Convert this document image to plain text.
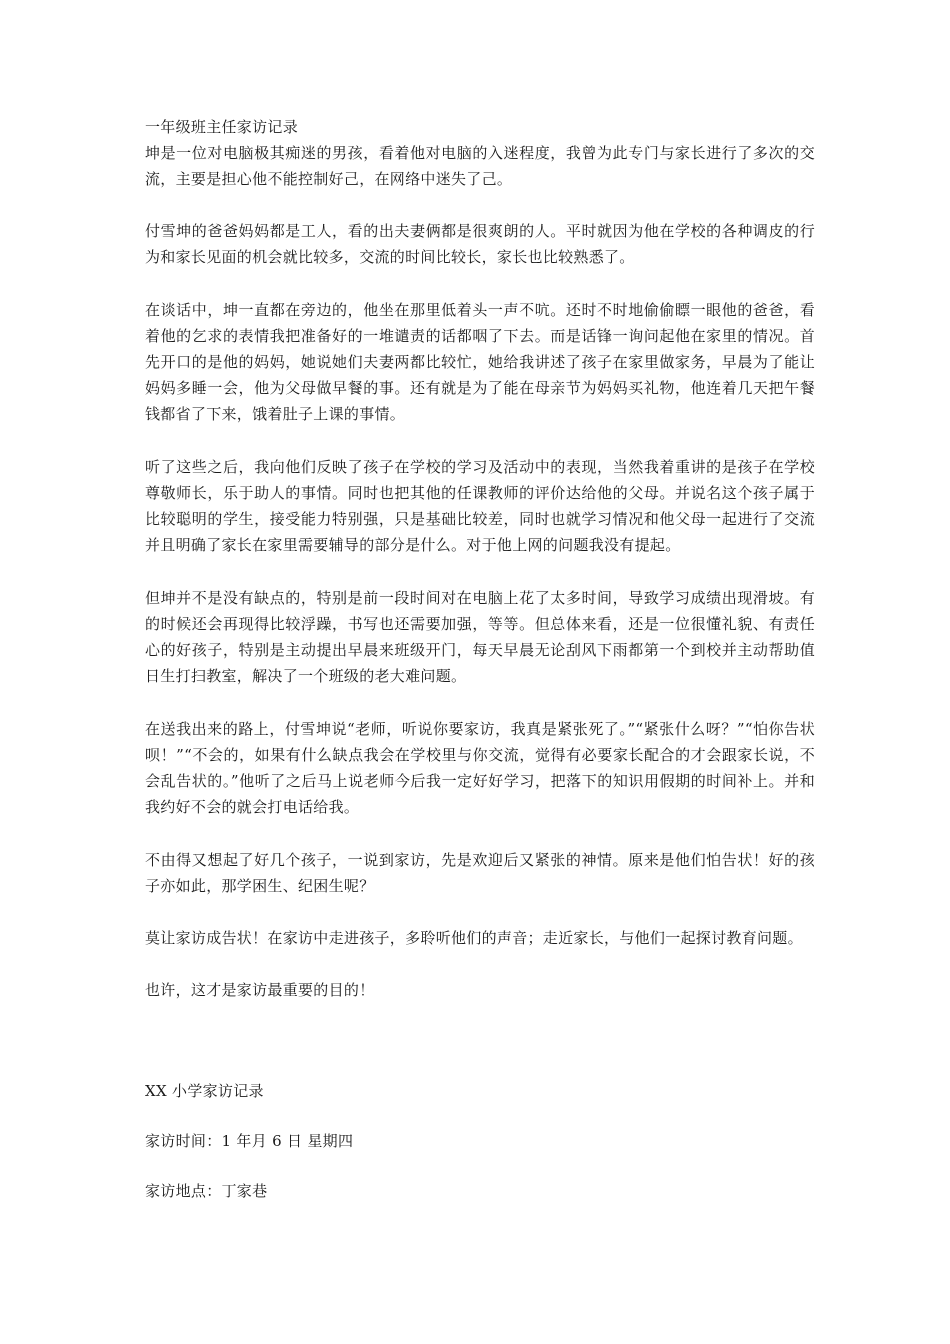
一年级班主任家访记录

坤是一位对电脑极其痴迷的男孩，看着他对电脑的入迷程度，我曾为此专门与家长进行了多次的交流，主要是担心他不能控制好己，在网络中迷失了己。

付雪坤的爸爸妈妈都是工人，看的出夫妻俩都是很爽朗的人。平时就因为他在学校的各种调皮的行为和家长见面的机会就比较多，交流的时间比较长，家长也比较熟悉了。

在谈话中，坤一直都在旁边的，他坐在那里低着头一声不吭。还时不时地偷偷瞟一眼他的爸爸，看着他的乞求的表情我把准备好的一堆谴责的话都咽了下去。而是话锋一询问起他在家里的情况。首先开口的是他的妈妈，她说她们夫妻两都比较忙，她给我讲述了孩子在家里做家务，早晨为了能让妈妈多睡一会，他为父母做早餐的事。还有就是为了能在母亲节为妈妈买礼物，他连着几天把午餐钱都省了下来，饿着肚子上课的事情。

听了这些之后，我向他们反映了孩子在学校的学习及活动中的表现，当然我着重讲的是孩子在学校尊敬师长，乐于助人的事情。同时也把其他的任课教师的评价达给他的父母。并说名这个孩子属于比较聪明的学生，接受能力特别强，只是基础比较差，同时也就学习情况和他父母一起进行了交流并且明确了家长在家里需要辅导的部分是什么。对于他上网的问题我没有提起。

但坤并不是没有缺点的，特别是前一段时间对在电脑上花了太多时间，导致学习成绩出现滑坡。有的时候还会再现得比较浮躁，书写也还需要加强，等等。但总体来看，还是一位很懂礼貌、有责任心的好孩子，特别是主动提出早晨来班级开门，每天早晨无论刮风下雨都第一个到校并主动帮助值日生打扫教室，解决了一个班级的老大难问题。

在送我出来的路上，付雪坤说“老师，听说你要家访，我真是紧张死了。”“紧张什么呀？”“怕你告状呗！”“不会的，如果有什么缺点我会在学校里与你交流，觉得有必要家长配合的才会跟家长说，不会乱告状的。”他听了之后马上说老师今后我一定好好学习，把落下的知识用假期的时间补上。并和我约好不会的就会打电话给我。

不由得又想起了好几个孩子，一说到家访，先是欢迎后又紧张的神情。原来是他们怕告状！好的孩子亦如此，那学困生、纪困生呢？

莫让家访成告状！在家访中走进孩子，多聆听他们的声音；走近家长，与他们一起探讨教育问题。

也许，这才是家访最重要的目的！

XX 小学家访记录

家访时间：1 年月 6 日 星期四

家访地点：丁家巷
